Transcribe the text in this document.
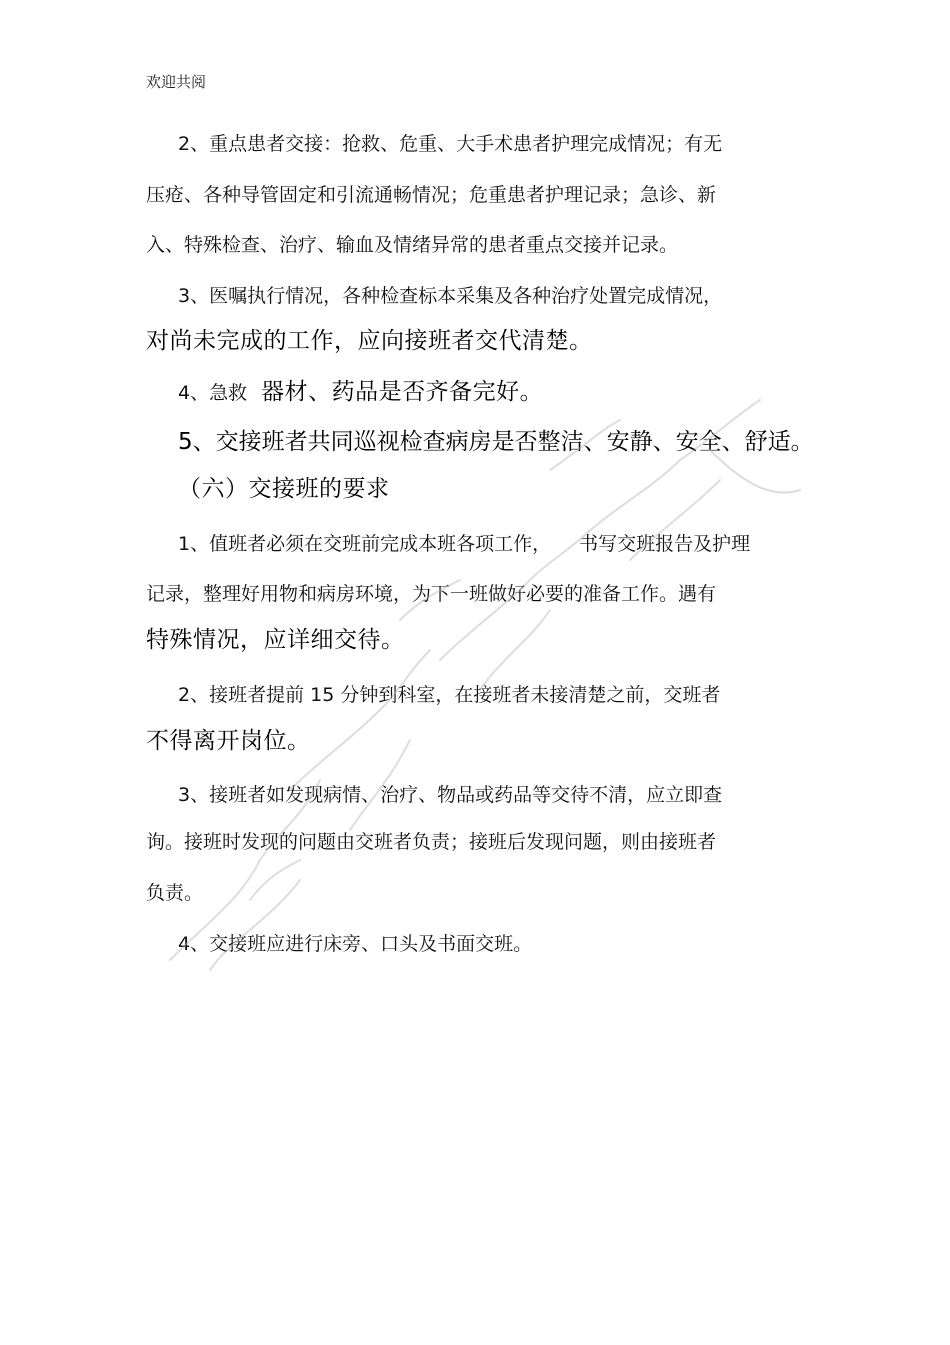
欢迎共阅
2、重点患者交接：抢救、危重、大手术患者护理完成情况；有无
压疮、各种导管固定和引流通畅情况；危重患者护理记录；急诊、新
入、特殊检查、治疗、输血及情绪异常的患者重点交接并记录。
3、医嘱执行情况，各种检查标本采集及各种治疗处置完成情况，
对尚未完成的工作，应向接班者交代清楚。
4、急救 器材、药品是否齐备完好。
5、交接班者共同巡视检查病房是否整洁、安静、安全、舒适。
（六）交接班的要求
1、值班者必须在交班前完成本班各项工作， 书写交班报告及护理
记录，整理好用物和病房环境，为下一班做好必要的准备工作。遇有
特殊情况，应详细交待。
2、接班者提前 15 分钟到科室，在接班者未接清楚之前，交班者
不得离开岗位。
3、接班者如发现病情、治疗、物品或药品等交待不清，应立即查
询。接班时发现的问题由交班者负责；接班后发现问题，则由接班者
负责。
4、交接班应进行床旁、口头及书面交班。
